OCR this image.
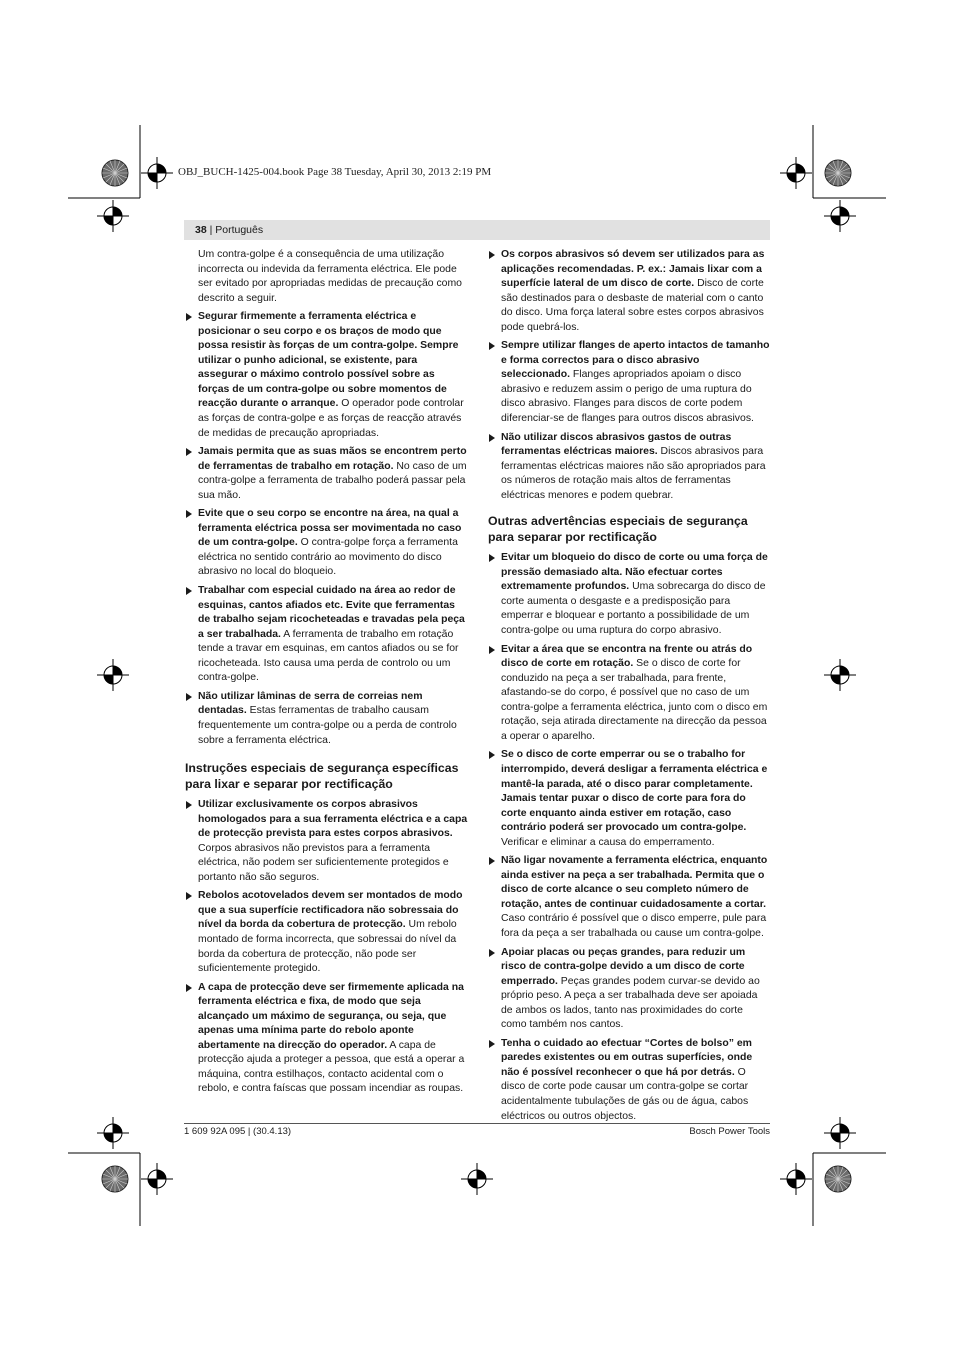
OBJ_BUCH-1425-004.book Page 38 Tuesday, April 30, 2013 2:19 PM
38 | Português

Um contra-golpe é a consequência de uma utilização incorrecta ou indevida da ferramenta eléctrica. Ele pode ser evitado por apropriadas medidas de precaução como descrito a seguir.

Segurar firmemente a ferramenta eléctrica e posicionar o seu corpo e os braços de modo que possa resistir às forças de um contra-golpe. Sempre utilizar o punho adicional, se existente, para assegurar o máximo controlo possível sobre as forças de um contra-golpe ou sobre momentos de reacção durante o arranque. O operador pode controlar as forças de contra-golpe e as forças de reacção através de medidas de precaução apropriadas.
Jamais permita que as suas mãos se encontrem perto de ferramentas de trabalho em rotação. No caso de um contra-golpe a ferramenta de trabalho poderá passar pela sua mão.
Evite que o seu corpo se encontre na área, na qual a ferramenta eléctrica possa ser movimentada no caso de um contra-golpe. O contra-golpe força a ferramenta eléctrica no sentido contrário ao movimento do disco abrasivo no local do bloqueio.
Trabalhar com especial cuidado na área ao redor de esquinas, cantos afiados etc. Evite que ferramentas de trabalho sejam ricocheteadas e travadas pela peça a ser trabalhada. A ferramenta de trabalho em rotação tende a travar em esquinas, em cantos afiados ou se for ricocheteada. Isto causa uma perda de controlo ou um contra-golpe.
Não utilizar lâminas de serra de correias nem dentadas. Estas ferramentas de trabalho causam frequentemente um contra-golpe ou a perda de controlo sobre a ferramenta eléctrica.
Instruções especiais de segurança específicas para lixar e separar por rectificação
Utilizar exclusivamente os corpos abrasivos homologados para a sua ferramenta eléctrica e a capa de protecção prevista para estes corpos abrasivos. Corpos abrasivos não previstos para a ferramenta eléctrica, não podem ser suficientemente protegidos e portanto não são seguros.
Rebolos acotovelados devem ser montados de modo que a sua superfície rectificadora não sobressaia do nível da borda da cobertura de protecção. Um rebolo montado de forma incorrecta, que sobressai do nível da borda da cobertura de protecção, não pode ser suficientemente protegido.
A capa de protecção deve ser firmemente aplicada na ferramenta eléctrica e fixa, de modo que seja alcançado um máximo de segurança, ou seja, que apenas uma mínima parte do rebolo aponte abertamente na direcção do operador. A capa de protecção ajuda a proteger a pessoa, que está a operar a máquina, contra estilhaços, contacto acidental com o rebolo, e contra faíscas que possam incendiar as roupas.
Os corpos abrasivos só devem ser utilizados para as aplicações recomendadas. P. ex.: Jamais lixar com a superfície lateral de um disco de corte. Disco de corte são destinados para o desbaste de material com o canto do disco. Uma força lateral sobre estes corpos abrasivos pode quebrá-los.
Sempre utilizar flanges de aperto intactos de tamanho e forma correctos para o disco abrasivo seleccionado. Flanges apropriados apoiam o disco abrasivo e reduzem assim o perigo de uma ruptura do disco abrasivo. Flanges para discos de corte podem diferenciar-se de flanges para outros discos abrasivos.
Não utilizar discos abrasivos gastos de outras ferramentas eléctricas maiores. Discos abrasivos para ferramentas eléctricas maiores não são apropriados para os números de rotação mais altos de ferramentas eléctricas menores e podem quebrar.
Outras advertências especiais de segurança para separar por rectificação
Evitar um bloqueio do disco de corte ou uma força de pressão demasiado alta. Não efectuar cortes extremamente profundos. Uma sobrecarga do disco de corte aumenta o desgaste e a predisposição para emperrar e bloquear e portanto a possibilidade de um contra-golpe ou uma ruptura do corpo abrasivo.
Evitar a área que se encontra na frente ou atrás do disco de corte em rotação. Se o disco de corte for conduzido na peça a ser trabalhada, para frente, afastando-se do corpo, é possível que no caso de um contra-golpe a ferramenta eléctrica, junto com o disco em rotação, seja atirada directamente na direcção da pessoa a operar o aparelho.
Se o disco de corte emperrar ou se o trabalho for interrompido, deverá desligar a ferramenta eléctrica e mantê-la parada, até o disco parar completamente. Jamais tentar puxar o disco de corte para fora do corte enquanto ainda estiver em rotação, caso contrário poderá ser provocado um contra-golpe. Verificar e eliminar a causa do emperramento.
Não ligar novamente a ferramenta eléctrica, enquanto ainda estiver na peça a ser trabalhada. Permita que o disco de corte alcance o seu completo número de rotação, antes de continuar cuidadosamente a cortar. Caso contrário é possível que o disco emperre, pule para fora da peça a ser trabalhada ou cause um contra-golpe.
Apoiar placas ou peças grandes, para reduzir um risco de contra-golpe devido a um disco de corte emperrado. Peças grandes podem curvar-se devido ao próprio peso. A peça a ser trabalhada deve ser apoiada de ambos os lados, tanto nas proximidades do corte como também nos cantos.
Tenha o cuidado ao efectuar “Cortes de bolso” em paredes existentes ou em outras superfícies, onde não é possível reconhecer o que há por detrás. O disco de corte pode causar um contra-golpe se cortar acidentalmente tubulações de gás ou de água, cabos eléctricos ou outros objectos.
1 609 92A 095 | (30.4.13)	Bosch Power Tools
